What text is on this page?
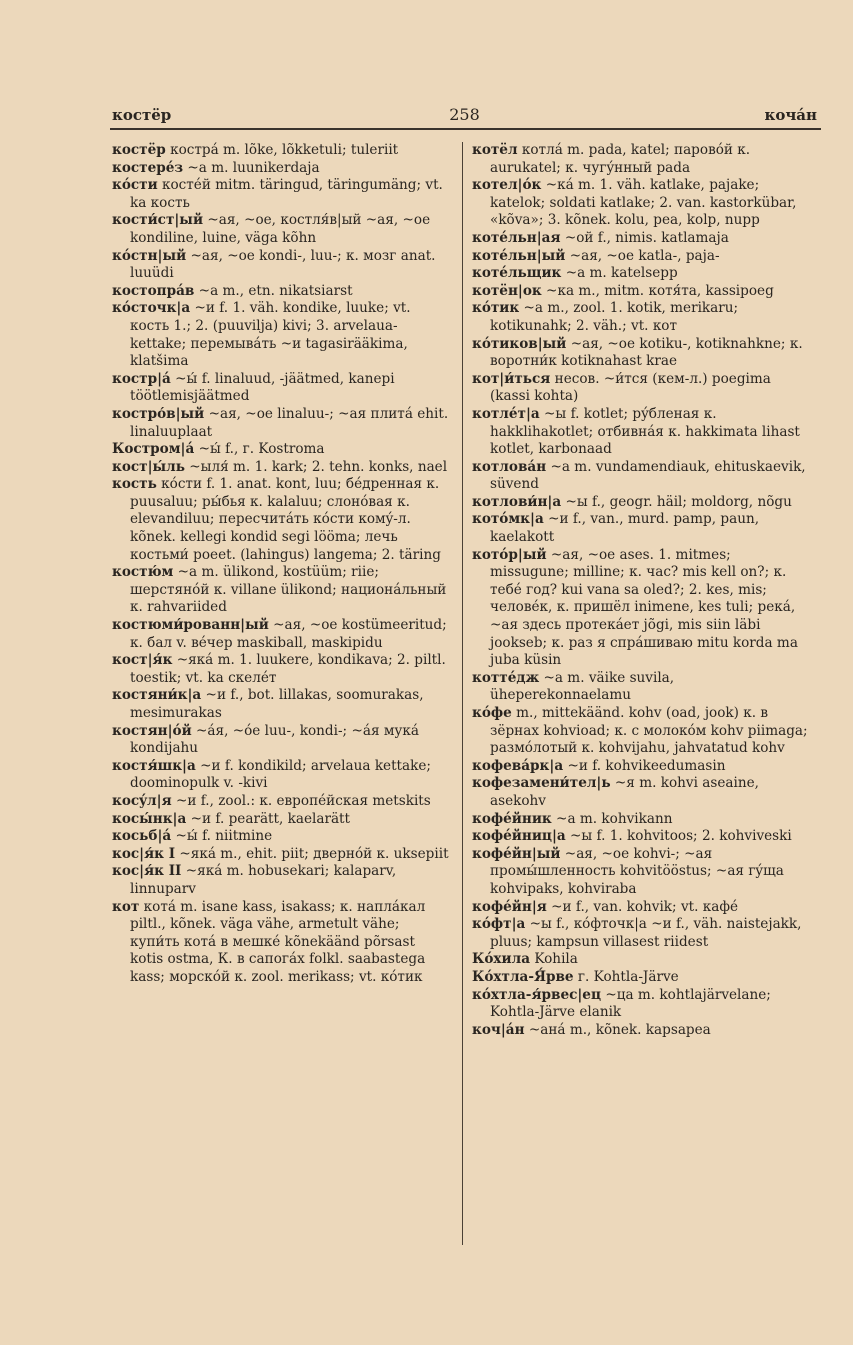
костёр	258	кочáн

костёр кострá m. lõke, lõkketuli; tuleriit

костерéз ~а m. luunikerdaja

кóсти костéй mitm. täringud, täringumäng; vt. ka кость

кости́ст|ый ~ая, ~ое, костля́в|ый ~ая, ~ое kondiline, luine, väga kõhn

кóстн|ый ~ая, ~ое kondi-, luu-; к. мозг anat. luuüdi

костопрáв ~а m., etn. nikatsiarst

кóсточк|а ~и f. 1. väh. kondike, luuke; vt. кость 1.; 2. (puuvilja) kivi; 3. arvelaua-kettake; перемывáть ~и tagasirääkima, klatšima

костр|á ~ы́ f. linaluud, -jäätmed, kanepi töötlemisjäätmed

костро́в|ый ~ая, ~ое linaluu-; ~ая плитá ehit. linaluuplaat

Костром|á ~ы́ f., г. Kostroma

кост|ы́ль ~ыля́ m. 1. kark; 2. tehn. konks, nael

кость кóсти f. 1. anat. kont, luu; бéдренная к. puusaluu; ры́бья к. kalaluu; слонóвая к. elevandiluu; пересчитáть кóсти комý-л. kõnek. kellegi kondid segi lööma; лечь костьми́ poeet. (lahingus) langema; 2. täring

костю́м ~а m. ülikond, kostüüm; riie; шерстянóй к. villane ülikond; национáльный к. rahvariided

костюми́рованн|ый ~ая, ~ое kostümeeritud; к. бал v. вéчер maskiball, maskipidu

кост|я́к ~якá m. 1. luukere, kondikava; 2. piltl. toestik; vt. ka скелéт

костяни́к|а ~и f., bot. lillakas, soomurakas, mesimurakas

костян|óй ~áя, ~óе luu-, kondi-; ~áя мукá kondijahu

костя́шк|а ~и f. kondikild; arvelaua kettake; doominopulk v. -kivi

косýл|я ~и f., zool.: к. европéйская metskits

косы́нк|а ~и f. pearätt, kaelarätt

косьб|á ~ы́ f. niitmine

кос|я́к I ~якá m., ehit. piit; двернóй к. uksepiit

кос|я́к II ~якá m. hobusekari; kalaparv, linnuparv

кот котá m. isane kass, isakass; к. наплáкал piltl., kõnek. väga vähe, armetult vähe; купи́ть котá в мешкé kõnekäänd põrsast kotis ostma, К. в сапогáх folkl. saabastega kass; морскóй к. zool. merikass; vt. кóтик

котёл котлá m. pada, katel; паровóй к. aurukatel; к. чугýнный pada

котел|óк ~кá m. 1. väh. katlake, pajake; katelok; soldati katlake; 2. van. kastorkübar, «kõva»; 3. kõnek. kolu, pea, kolp, nupp

котéльн|ая ~ой f., nimis. katlamaja

котéльн|ый ~ая, ~ое katla-, paja-

котéльщик ~а m. katelsepp

котён|ок ~ка m., mitm. котя́та, kassipoeg

кóтик ~а m., zool. 1. kotik, merikaru; kotikunahk; 2. väh.; vt. кот

кóтиков|ый ~ая, ~ое kotiku-, kotiknahkne; к. воротни́к kotiknahast krae

кот|и́ться несов. ~и́тся (кем-л.) poegima (kassi kohta)

котлéт|а ~ы f. kotlet; рýбленая к. hakklihakotlet; отбивнáя к. hakkimata lihast kotlet, karbonaad

котловáн ~а m. vundamendiauk, ehituskaevik, süvend

котлови́н|а ~ы f., geogr. häil; moldorg, nõgu

котóмк|а ~и f., van., murd. pamp, paun, kaelakott

котóр|ый ~ая, ~ое ases. 1. mitmes; missugune; milline; к. час? mis kell on?; к. тебé год? kui vana sa oled?; 2. kes, mis; человéк, к. пришёл inimene, kes tuli; рекá, ~ая здесь протекáет jõgi, mis siin läbi jookseb; к. раз я спрáшиваю mitu korda ma juba küsin

коттéдж ~а m. väike suvila, üheperekonnaelamu

кóфе m., mittekäänd. kohv (oad, jook) к. в зёрнах kohvioad; к. с молокóм kohv piimaga; размóлотый к. kohvijahu, jahvatatud kohv

кофевáрк|а ~и f. kohvikeedumasin

кофезамени́тел|ь ~я m. kohvi aseaine, asekohv

кофéйник ~а m. kohvikann

кофéйниц|а ~ы f. 1. kohvitoos; 2. kohviveski

кофéйн|ый ~ая, ~ое kohvi-; ~ая промы́шленность kohvitööstus; ~ая гýща kohvipaks, kohviraba

кофéйн|я ~и f., van. kohvik; vt. кафé

кóфт|а ~ы f., кóфточк|а ~и f., väh. naistejakk, pluus; kampsun villasest riidest

Кóхила Kohila

Кóхтла-Я́рве г. Kohtla-Järve

кóхтла-я́рвес|ец ~ца m. kohtlajärvelane; Kohtla-Järve elanik

коч|áн ~анá m., kõnek. kapsapea
